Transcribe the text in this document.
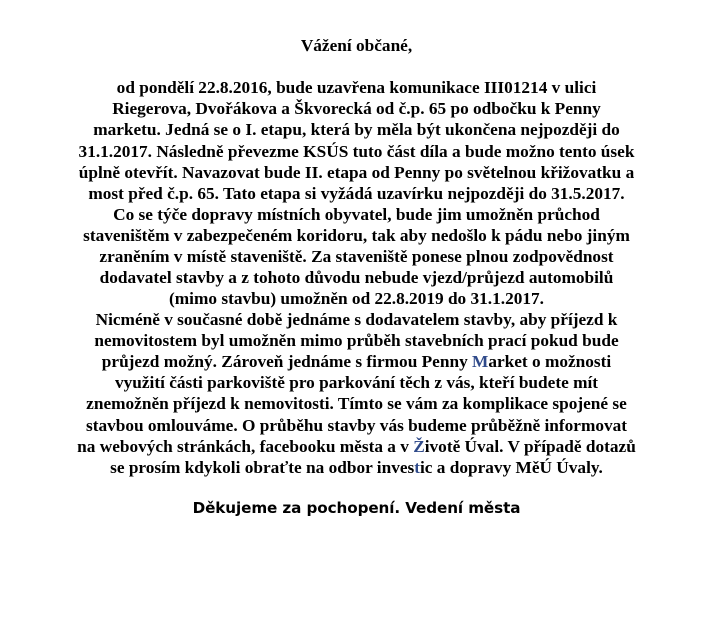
Vážení občané,
od pondělí 22.8.2016, bude uzavřena komunikace III01214 v ulici
Riegerova, Dvořákova a Škvorecká od č.p. 65 po odbočku k Penny
marketu. Jedná se o I. etapu, která by měla být ukončena nejpozději do
31.1.2017. Následně převezme KSÚS tuto část díla a bude možno tento úsek
úplně otevřít. Navazovat bude II. etapa od Penny po světelnou křižovatku a
most před č.p. 65. Tato etapa si vyžádá uzavírku nejpozději do 31.5.2017.
Co se týče dopravy místních obyvatel, bude jim umožněn průchod
staveništěm v zabezpečeném koridoru, tak aby nedošlo k pádu nebo jiným
zraněním v místě staveniště. Za staveniště ponese plnou zodpovědnost
dodavatel stavby a z tohoto důvodu nebude vjezd/průjezd automobilů
(mimo stavbu) umožněn od 22.8.2019 do 31.1.2017.
Nicméně v současné době jednáme s dodavatelem stavby, aby příjezd k
nemovitostem byl umožněn mimo průběh stavebních prací pokud bude
průjezd možný. Zároveň jednáme s firmou Penny Market o možnosti
využití části parkoviště pro parkování těch z vás, kteří budete mít
znemožněn příjezd k nemovitosti. Tímto se vám za komplikace spojené se
stavbou omlouváme. O průběhu stavby vás budeme průběžně informovat
na webových stránkách, facebooku města a v Životě Úval. V případě dotazů
se prosím kdykoli obraťte na odbor investic a dopravy MěÚ Úvaly.
Děkujeme za pochopení. Vedení města
